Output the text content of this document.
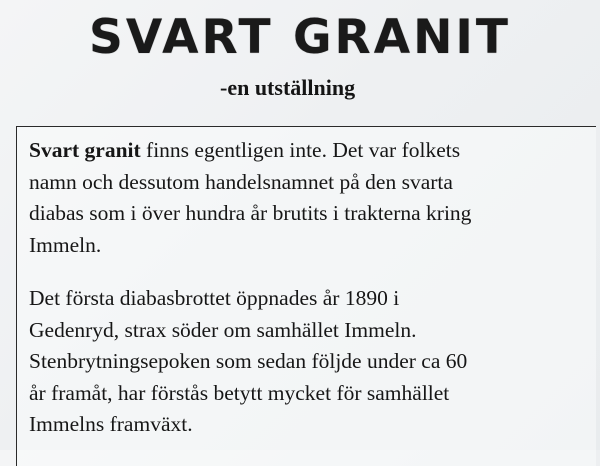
SVART GRANIT

-en utställning

Svart granit finns egentligen inte. Det var folkets
namn och dessutom handelsnamnet på den svarta
diabas som i över hundra år brutits i trakterna kring
Immeln.

Det första diabasbrottet öppnades år 1890 i
Gedenryd, strax söder om samhället Immeln.
Stenbrytningsepoken som sedan följde under ca 60
år framåt, har förstås betytt mycket för samhället
Immelns framväxt.
